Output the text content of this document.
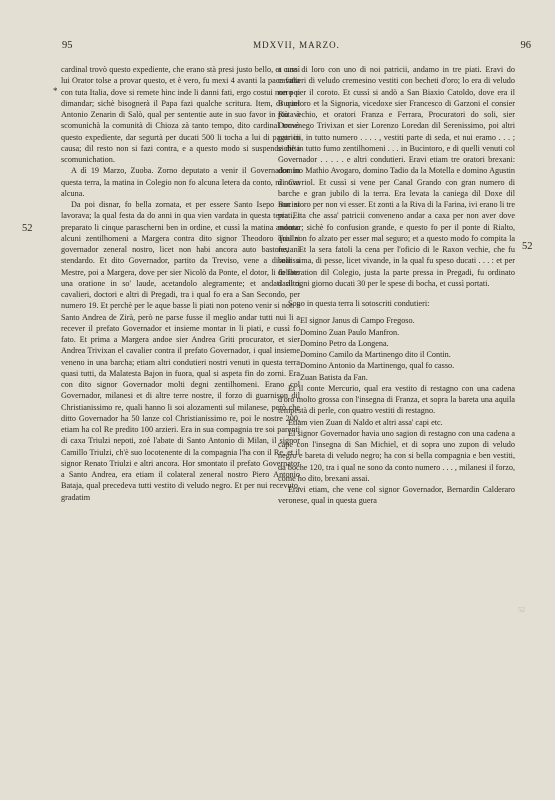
95	MDXVII, MARZO.	96
*
52
52

cardinal trovò questo expediente, che erano stà presi justo bello, et cussì lui Orator tolse a provar questo, et è vero, fu mexi 4 avanti la pace fatta con tuta Italia, dove si remete hinc inde li danni fati, ergo costui non poi dimandar; sichè bisognerà il Papa fazi qualche scritura. Item, di quel Antonio Zenarin di Salò, qual per sententie aute in suo favor in Rota à scomunichà la comunità di Chioza zà tanto tempo, dito cardinal trovò questo expediente, dar segurtà per ducati 500 li tocha a lui di pagar in causa; dil resto non si fazi contra, e a questo modo si suspende ditta scomunichation.

A dì 19 Marzo, Zuoba. Zorno deputato a venir il Governador in questa terra, la matina in Colegio non fo alcuna letera da conto, nì nova alcuna.

Da poi disnar, fo bella zornata, et per essere Santo Isepo non si lavorava; la qual festa da do anni in qua vien vardata in questa terra. Et preparato li cinque parascherni ben in ordine, et cussì la matina andono alcuni zentilhomeni a Margera contra dito signor Theodoro Triulzi governador zeneral nostro, licet non habi ancora auto bastone, nì stendardo. Et dito Governador, partito da Treviso, vene a disnar a Mestre, poi a Margera, dove per sier Nicolò da Ponte, el dotor, li fo fato una oratione in so' laude, acetandolo alegramente; et andati altri cavalieri, doctori e altri di Pregadi, tra i qual fo era a San Secondo, per numero 19. Et perchè per le aque basse li piati non poteno venir si non a Santo Andrea de Zirà, però ne parse fusse il meglio andar tutti nui li a recever il prefato Governador et insieme montar in li piati, e cussì fo fato. Et prima a Margera andoe sier Andrea Griti procurator, et sier Andrea Trivixan el cavalier contra il prefato Governador, i qual insieme veneno in una barcha; etiam altri condutieri nostri venuti in questa terra quasi tutti, da Malatesta Bajon in fuora, qual si aspeta fin do zorni. Era con dito signor Governador molti degni zentilhomeni. Erano col Governador, milanesi et di altre terre nostre, il forzo di guarnison dil Christianissimo re, quali hanno li soi alozamenti sul milanese, però che ditto Governador ha 50 lanze col Christianissimo re, poi le nostre 200, etiam ha col Re predito 100 arzieri. Era in sua compagnia tre soi parenti di caxa Triulzi nepoti, zoè l'abate di Santo Antonio di Milan, il signor Camillo Triulzi, ch'è suo locotenente di la compagnia l'ha con il Re, et il signor Renato Triulzi e altri ancora. Hor smontato il prefato Governator a Santo Andrea, era etiam il colateral zeneral nostro Piero Antonio Bataja, qual precedeva tutti vestito di veludo negro. Et per nui recevuto, gradatim

a uno di loro con uno di noi patricii, andamo in tre piati. Eravi do cavalieri di veludo cremesino vestiti con becheti d'oro; lo era di veludo nero per il coroto. Et cussì si andò a San Biaxio Catoldo, dove era il Bucintoro et la Signoria, vicedoxe sier Francesco di Garzoni el consier più vechio, et oratori Franza e Ferrara, Procuratori do soli, sier Domenego Trivixan et sier Lorenzo Loredan dil Serenissimo, poi altri patricii, in tutto numero . . . . , vestiti parte di seda, et nui eramo . . . ; sichè in tutto fumo zentilhomeni . . . in Bucintoro, e di quelli venuti col Governador . . . . . e altri condutieri. Eravi etiam tre oratori brexani: domino Mathio Avogaro, domino Tadio da la Motella e domino Agustin di Cavriol. Et cussì si vene per Canal Grando con gran numero di barche e gran jubilo di la terra. Era levata la caniega dil Doxe dil Bucintoro per non vi esser. Et zonti a la Riva di la Farina, ivi erano li tre piati, ita che assa' patricii conveneno andar a caxa per non aver dove montar; sichè fo confusion grande, e questo fo per il ponte di Rialto, qual non fo alzato per esser mal seguro; et a questo modo fo compita la festa. Et la sera fatoli la cena per l'oficio di le Raxon vechie, che fu bellissima, di pesse, licet vivande, in la qual fu speso ducati . . . : et per deliberation dil Colegio, justa la parte pressa in Pregadi, fu ordinato darli ogni giorno ducati 30 per le spese di bocha, et cussì portati.

Sono in questa terra li sotoscriti condutieri:

El signor Janus di Campo Fregoso.

Domino Zuan Paulo Manfron.

Domino Petro da Longena.

Domino Camilo da Martinengo dito il Contin.

Domino Antonio da Martinengo, qual fo casso.

Zuan Batista da Fan.

Et il conte Mercurio, qual era vestito di restagno con una cadena d'oro molto grossa con l'insegna di Franza, et sopra la bareta una aquila tempestà di perle, con quatro vestiti di restagno.

Etiam vien Zuan di Naldo et altri assa' capi etc.

El signor Governador havia uno sagion di restagno con una cadena a cape con l'insegna di San Michiel, et di sopra uno zupon di veludo negro e bareta di veludo negro; ha con si bella compagnia e ben vestiti, da boche 120, tra i qual ne sono da conto numero . . . , milanesi il forzo, come ho dito, brexani assai.

Eravi etiam, che vene col signor Governador, Bernardin Calderaro veronese, qual in questa guera

52
